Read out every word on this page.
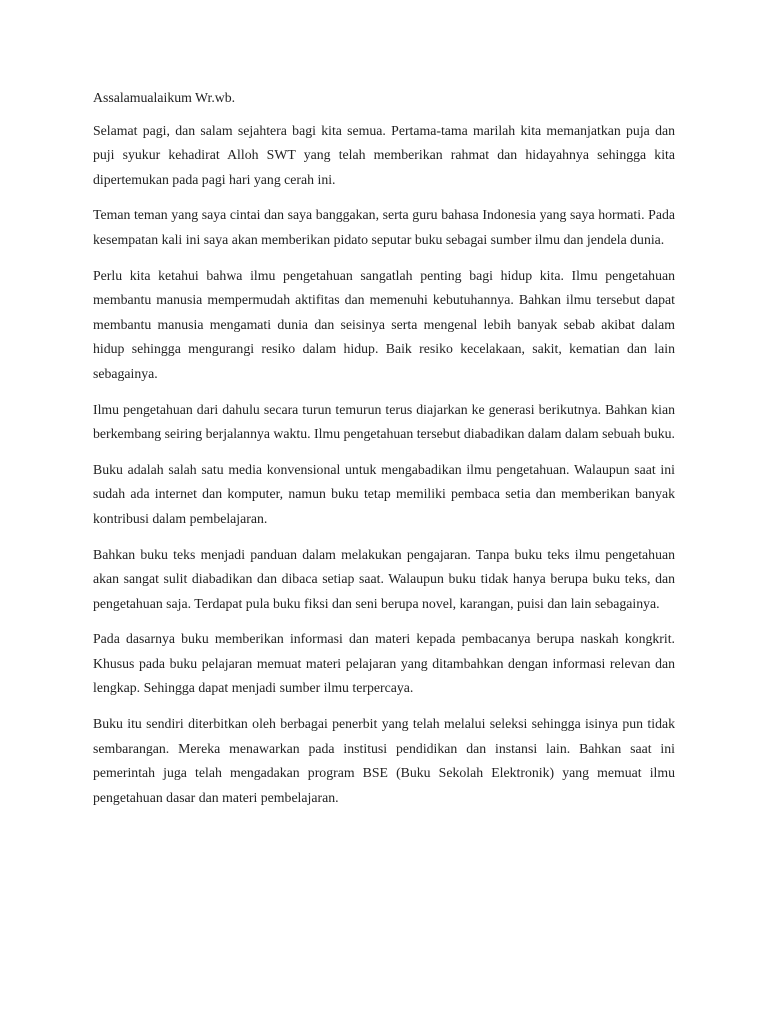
Assalamualaikum Wr.wb.

Selamat pagi, dan salam sejahtera bagi kita semua. Pertama-tama marilah kita memanjatkan puja dan puji syukur kehadirat Alloh SWT yang telah memberikan rahmat dan hidayahnya sehingga kita dipertemukan pada pagi hari yang cerah ini.

Teman teman yang saya cintai dan saya banggakan, serta guru bahasa Indonesia yang saya hormati. Pada kesempatan kali ini saya akan memberikan pidato seputar buku sebagai sumber ilmu dan jendela dunia.

Perlu kita ketahui bahwa ilmu pengetahuan sangatlah penting bagi hidup kita. Ilmu pengetahuan membantu manusia mempermudah aktifitas dan memenuhi kebutuhannya. Bahkan ilmu tersebut dapat membantu manusia mengamati dunia dan seisinya serta mengenal lebih banyak sebab akibat dalam hidup sehingga mengurangi resiko dalam hidup. Baik resiko kecelakaan, sakit, kematian dan lain sebagainya.

Ilmu pengetahuan dari dahulu secara turun temurun terus diajarkan ke generasi berikutnya. Bahkan kian berkembang seiring berjalannya waktu. Ilmu pengetahuan tersebut diabadikan dalam dalam sebuah buku.

Buku adalah salah satu media konvensional untuk mengabadikan ilmu pengetahuan. Walaupun saat ini sudah ada internet dan komputer, namun buku tetap memiliki pembaca setia dan memberikan banyak kontribusi dalam pembelajaran.

Bahkan buku teks menjadi panduan dalam melakukan pengajaran. Tanpa buku teks ilmu pengetahuan akan sangat sulit diabadikan dan dibaca setiap saat. Walaupun buku tidak hanya berupa buku teks, dan pengetahuan saja. Terdapat pula buku fiksi dan seni berupa novel, karangan, puisi dan lain sebagainya.

Pada dasarnya buku memberikan informasi dan materi kepada pembacanya berupa naskah kongkrit. Khusus pada buku pelajaran memuat materi pelajaran yang ditambahkan dengan informasi relevan dan lengkap. Sehingga dapat menjadi sumber ilmu terpercaya.

Buku itu sendiri diterbitkan oleh berbagai penerbit yang telah melalui seleksi sehingga isinya pun tidak sembarangan. Mereka menawarkan pada institusi pendidikan dan instansi lain. Bahkan saat ini pemerintah juga telah mengadakan program BSE (Buku Sekolah Elektronik) yang memuat ilmu pengetahuan dasar dan materi pembelajaran.
